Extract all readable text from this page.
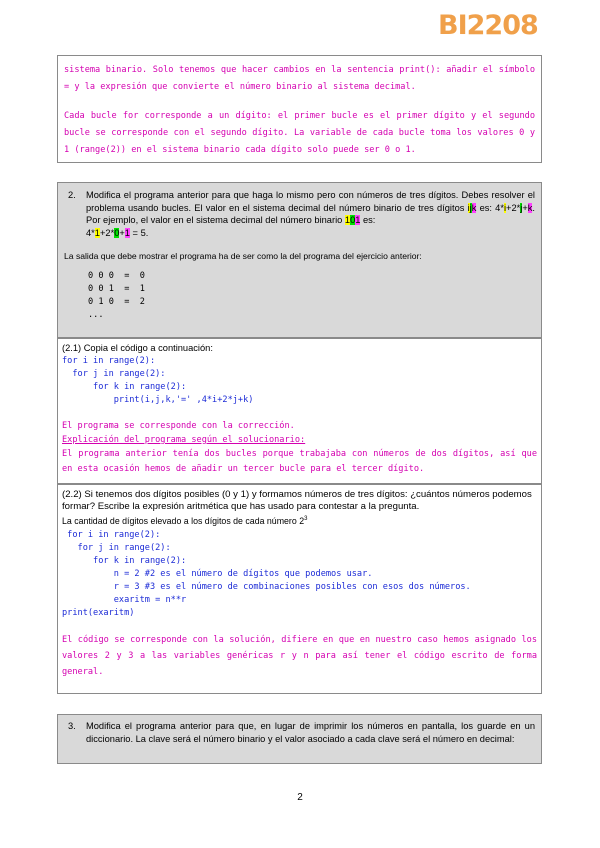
BI2208

sistema binario. Solo tenemos que hacer cambios en la sentencia print(): añadir el símbolo = y la expresión que convierte el número binario al sistema decimal.

Cada bucle for corresponde a un dígito: el primer bucle es el primer dígito y el segundo bucle se corresponde con el segundo dígito. La variable de cada bucle toma los valores 0 y 1 (range(2)) en el sistema binario cada dígito solo puede ser 0 o 1.

2.	Modifica el programa anterior para que haga lo mismo pero con números de tres dígitos. Debes resolver el problema usando bucles. El valor en el sistema decimal del número binario de tres dígitos ijk es: 4*i+2*j+k. Por ejemplo, el valor en el sistema decimal del número binario 101 es:
4*1+2*0+1 = 5.

La salida que debe mostrar el programa ha de ser como la del programa del ejercicio anterior:

0 0 0  =  0

0 0 1  =  1

0 1 0  =  2

...

(2.1) Copia el código a continuación:

for i in range(2):

for j in range(2):

for k in range(2):

print(i,j,k,'=' ,4*i+2*j+k)

El programa se corresponde con la corrección.

Explicación del programa según el solucionario:

El programa anterior tenía dos bucles porque trabajaba con números de dos dígitos, así que en esta ocasión hemos de añadir un tercer bucle para el tercer dígito.

(2.2) Si tenemos dos dígitos posibles (0 y 1) y formamos números de tres dígitos: ¿cuántos números podemos formar? Escribe la expresión aritmética que has usado para contestar a la pregunta.

La cantidad de dígitos elevado a los dígitos de cada número $2^3$

for i in range(2):

for j in range(2):

for k in range(2):

n = 2 #2 es el número de dígitos que podemos usar.

r = 3 #3 es el número de combinaciones posibles con esos dos números.

exaritm = n**r

print(exaritm)

El código se corresponde con la solución, difiere en que en nuestro caso hemos asignado los valores 2 y 3 a las variables genéricas r y n para así tener el código escrito de forma general.

3.	Modifica el programa anterior para que, en lugar de imprimir los números en pantalla, los guarde en un diccionario. La clave será el número binario y el valor asociado a cada clave será el número en decimal:
2
